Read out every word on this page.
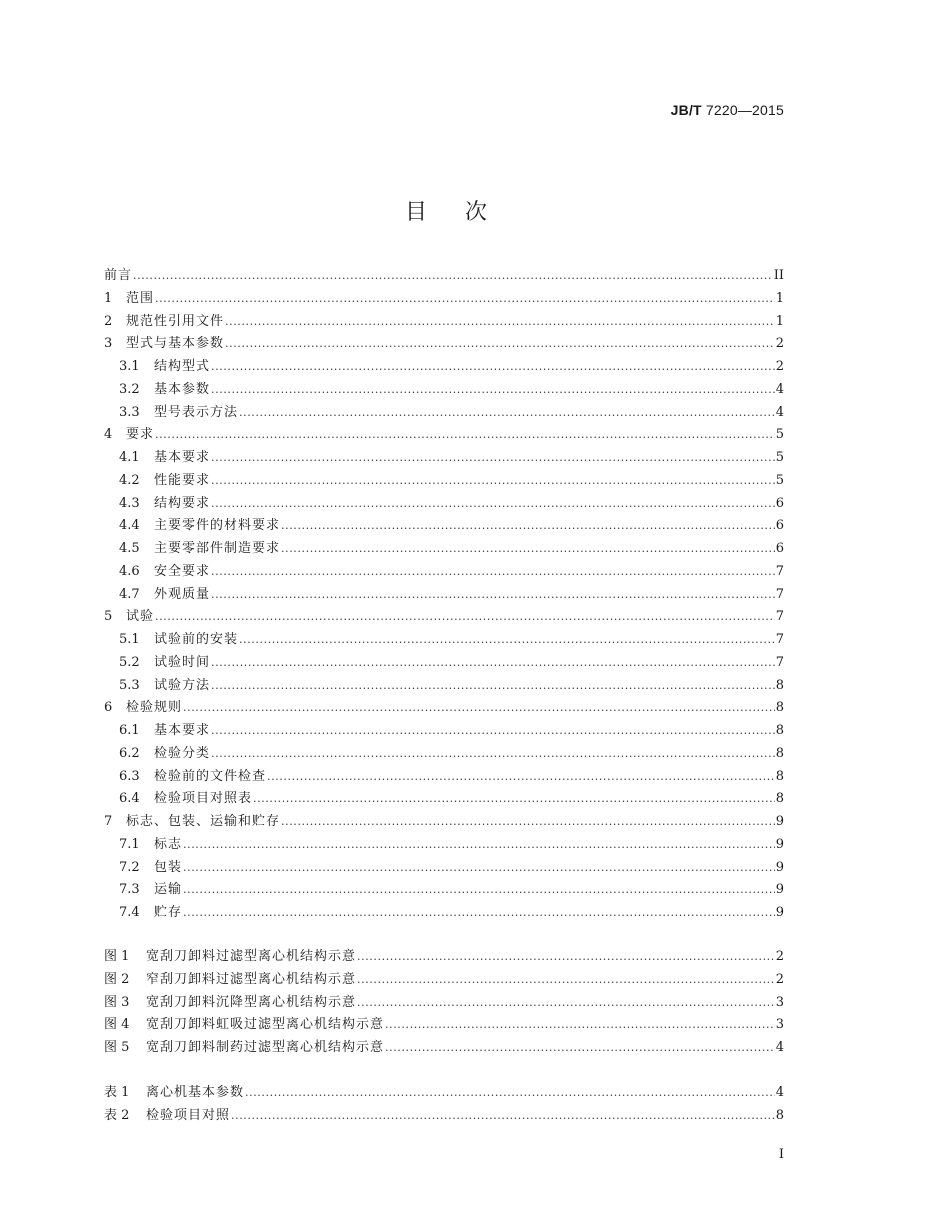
JB/T 7220—2015
目次
前言 .....	II
1	范围 .....	1
2	规范性引用文件 .....	1
3	型式与基本参数 .....	2
3.1	结构型式 .....	2
3.2	基本参数 .....	4
3.3	型号表示方法 .....	4
4	要求 .....	5
4.1	基本要求 .....	5
4.2	性能要求 .....	5
4.3	结构要求 .....	6
4.4	主要零件的材料要求 .....	6
4.5	主要零部件制造要求 .....	6
4.6	安全要求 .....	7
4.7	外观质量 .....	7
5	试验 .....	7
5.1	试验前的安装 .....	7
5.2	试验时间 .....	7
5.3	试验方法 .....	8
6	检验规则 .....	8
6.1	基本要求 .....	8
6.2	检验分类 .....	8
6.3	检验前的文件检查 .....	8
6.4	检验项目对照表 .....	8
7	标志、包装、运输和贮存 .....	9
7.1	标志 .....	9
7.2	包装 .....	9
7.3	运输 .....	9
7.4	贮存 .....	9
图 1	宽刮刀卸料过滤型离心机结构示意 .....	2
图 2	窄刮刀卸料过滤型离心机结构示意 .....	2
图 3	宽刮刀卸料沉降型离心机结构示意 .....	3
图 4	宽刮刀卸料虹吸过滤型离心机结构示意 .....	3
图 5	宽刮刀卸料制药过滤型离心机结构示意 .....	4
表 1	离心机基本参数 .....	4
表 2	检验项目对照 .....	8
I
